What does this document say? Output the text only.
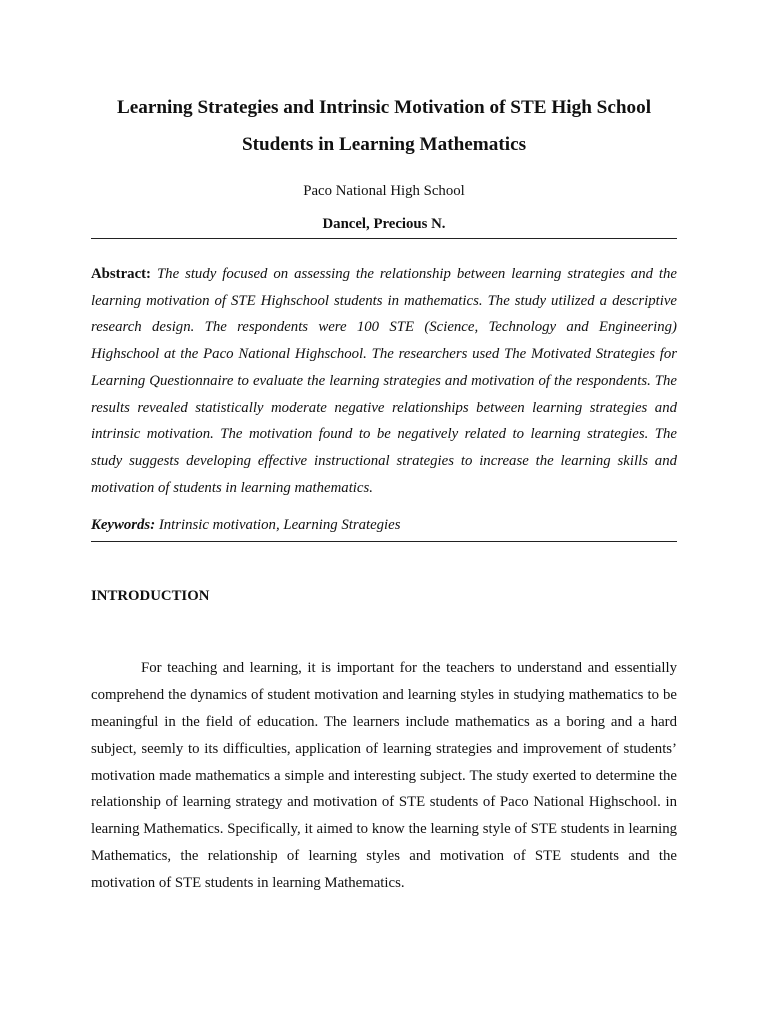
Learning Strategies and Intrinsic Motivation of STE High School
Students in Learning Mathematics

Paco National High School

Dancel, Precious N.

Abstract: The study focused on assessing the relationship between learning strategies and the learning motivation of STE Highschool students in mathematics. The study utilized a descriptive research design. The respondents were 100 STE (Science, Technology and Engineering) Highschool at the Paco National Highschool. The researchers used The Motivated Strategies for Learning Questionnaire to evaluate the learning strategies and motivation of the respondents. The results revealed statistically moderate negative relationships between learning strategies and intrinsic motivation. The motivation found to be negatively related to learning strategies. The study suggests developing effective instructional strategies to increase the learning skills and motivation of students in learning mathematics.

Keywords: Intrinsic motivation, Learning Strategies

INTRODUCTION

For teaching and learning, it is important for the teachers to understand and essentially comprehend the dynamics of student motivation and learning styles in studying mathematics to be meaningful in the field of education. The learners include mathematics as a boring and a hard subject, seemly to its difficulties, application of learning strategies and improvement of students’ motivation made mathematics a simple and interesting subject. The study exerted to determine the relationship of learning strategy and motivation of STE students of Paco National Highschool. in learning Mathematics. Specifically, it aimed to know the learning style of STE students in learning Mathematics, the relationship of learning styles and motivation of STE students and the motivation of STE students in learning Mathematics.
